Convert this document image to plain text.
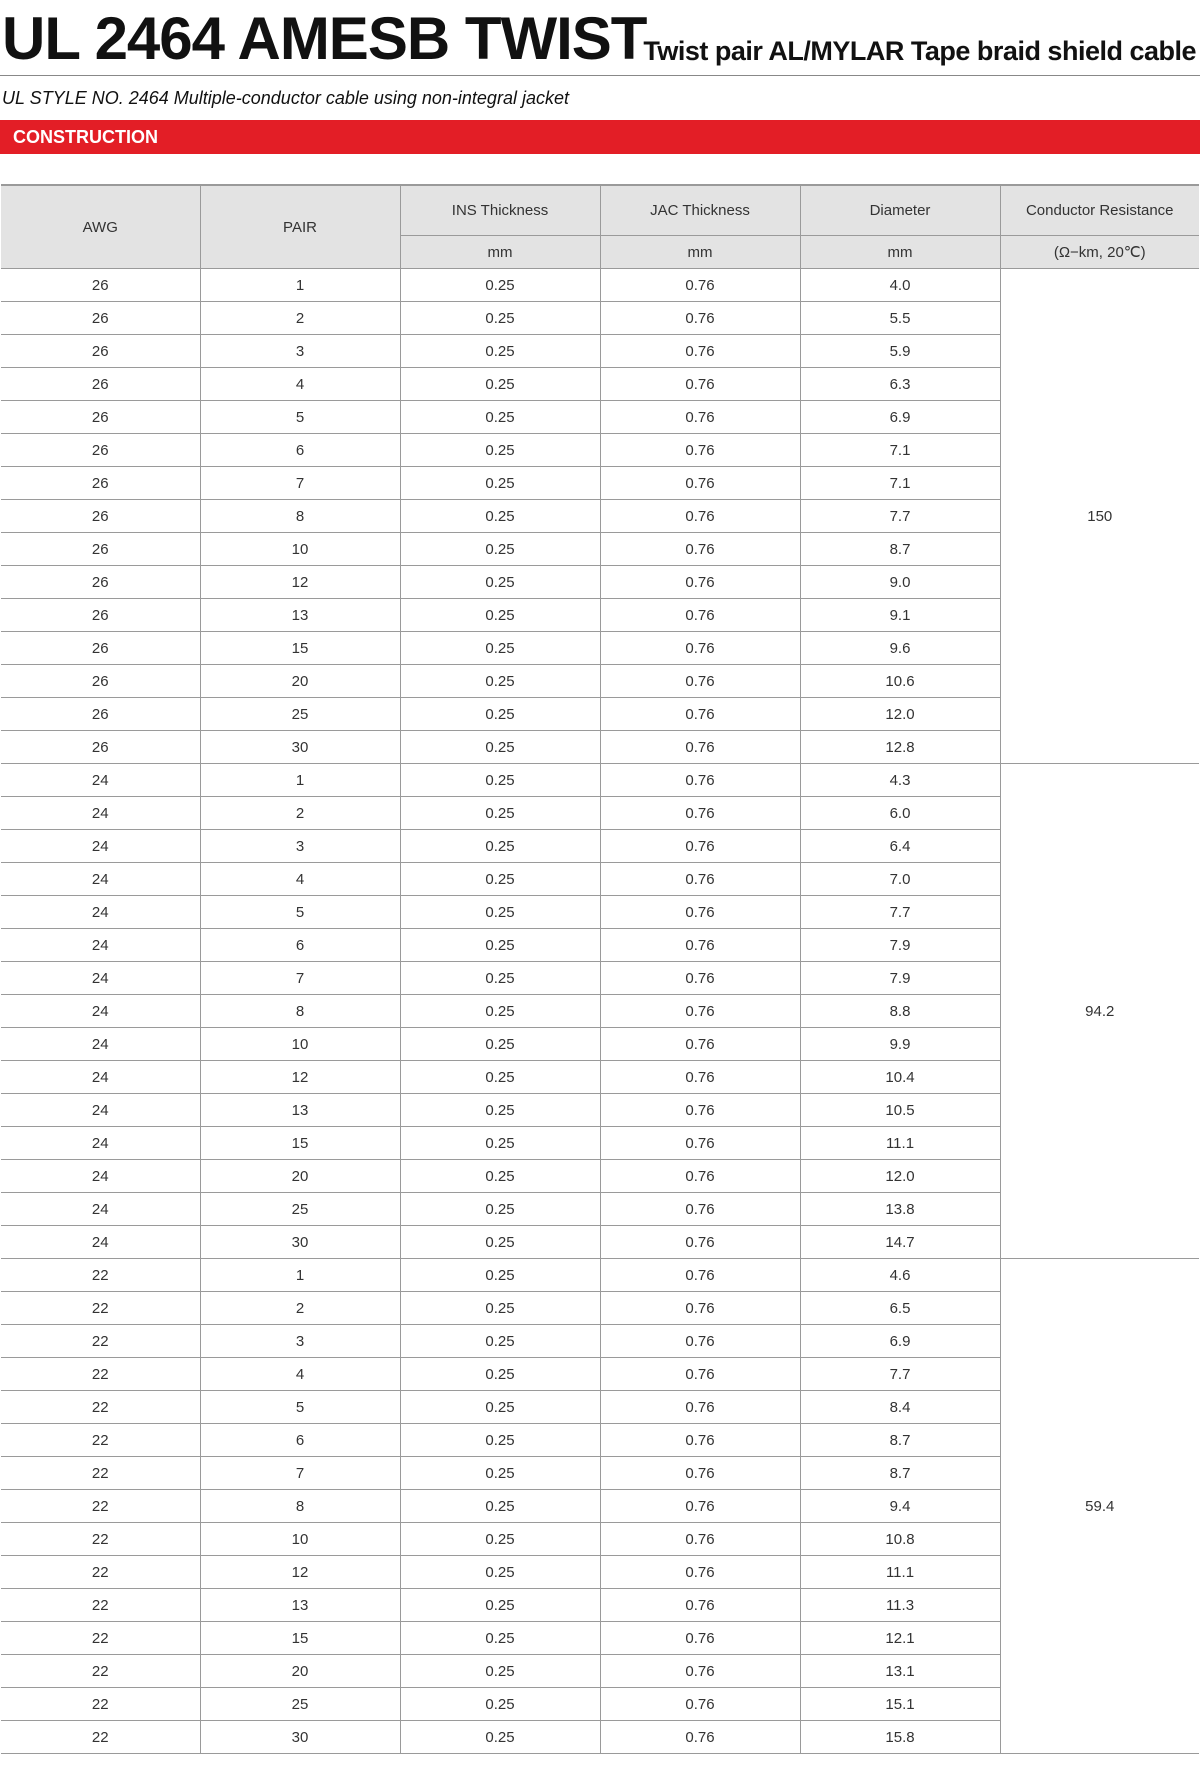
UL 2464 AMESB TWIST
Twist pair AL/MYLAR Tape braid shield cable
UL STYLE NO. 2464 Multiple-conductor cable using non-integral jacket
CONSTRUCTION
AWG	PAIR	INS Thickness	JAC Thickness	Diameter	Conductor Resistance
		mm	mm	mm	(Ω−km, 20℃)
26	1	0.25	0.76	4.0	150
26	2	0.25	0.76	5.5	
26	3	0.25	0.76	5.9	
26	4	0.25	0.76	6.3	
26	5	0.25	0.76	6.9	
26	6	0.25	0.76	7.1	
26	7	0.25	0.76	7.1	
26	8	0.25	0.76	7.7	
26	10	0.25	0.76	8.7	
26	12	0.25	0.76	9.0	
26	13	0.25	0.76	9.1	
26	15	0.25	0.76	9.6	
26	20	0.25	0.76	10.6	
26	25	0.25	0.76	12.0	
26	30	0.25	0.76	12.8	
24	1	0.25	0.76	4.3	94.2
24	2	0.25	0.76	6.0	
24	3	0.25	0.76	6.4	
24	4	0.25	0.76	7.0	
24	5	0.25	0.76	7.7	
24	6	0.25	0.76	7.9	
24	7	0.25	0.76	7.9	
24	8	0.25	0.76	8.8	
24	10	0.25	0.76	9.9	
24	12	0.25	0.76	10.4	
24	13	0.25	0.76	10.5	
24	15	0.25	0.76	11.1	
24	20	0.25	0.76	12.0	
24	25	0.25	0.76	13.8	
24	30	0.25	0.76	14.7	
22	1	0.25	0.76	4.6	59.4
22	2	0.25	0.76	6.5	
22	3	0.25	0.76	6.9	
22	4	0.25	0.76	7.7	
22	5	0.25	0.76	8.4	
22	6	0.25	0.76	8.7	
22	7	0.25	0.76	8.7	
22	8	0.25	0.76	9.4	
22	10	0.25	0.76	10.8	
22	12	0.25	0.76	11.1	
22	13	0.25	0.76	11.3	
22	15	0.25	0.76	12.1	
22	20	0.25	0.76	13.1	
22	25	0.25	0.76	15.1	
22	30	0.25	0.76	15.8	
